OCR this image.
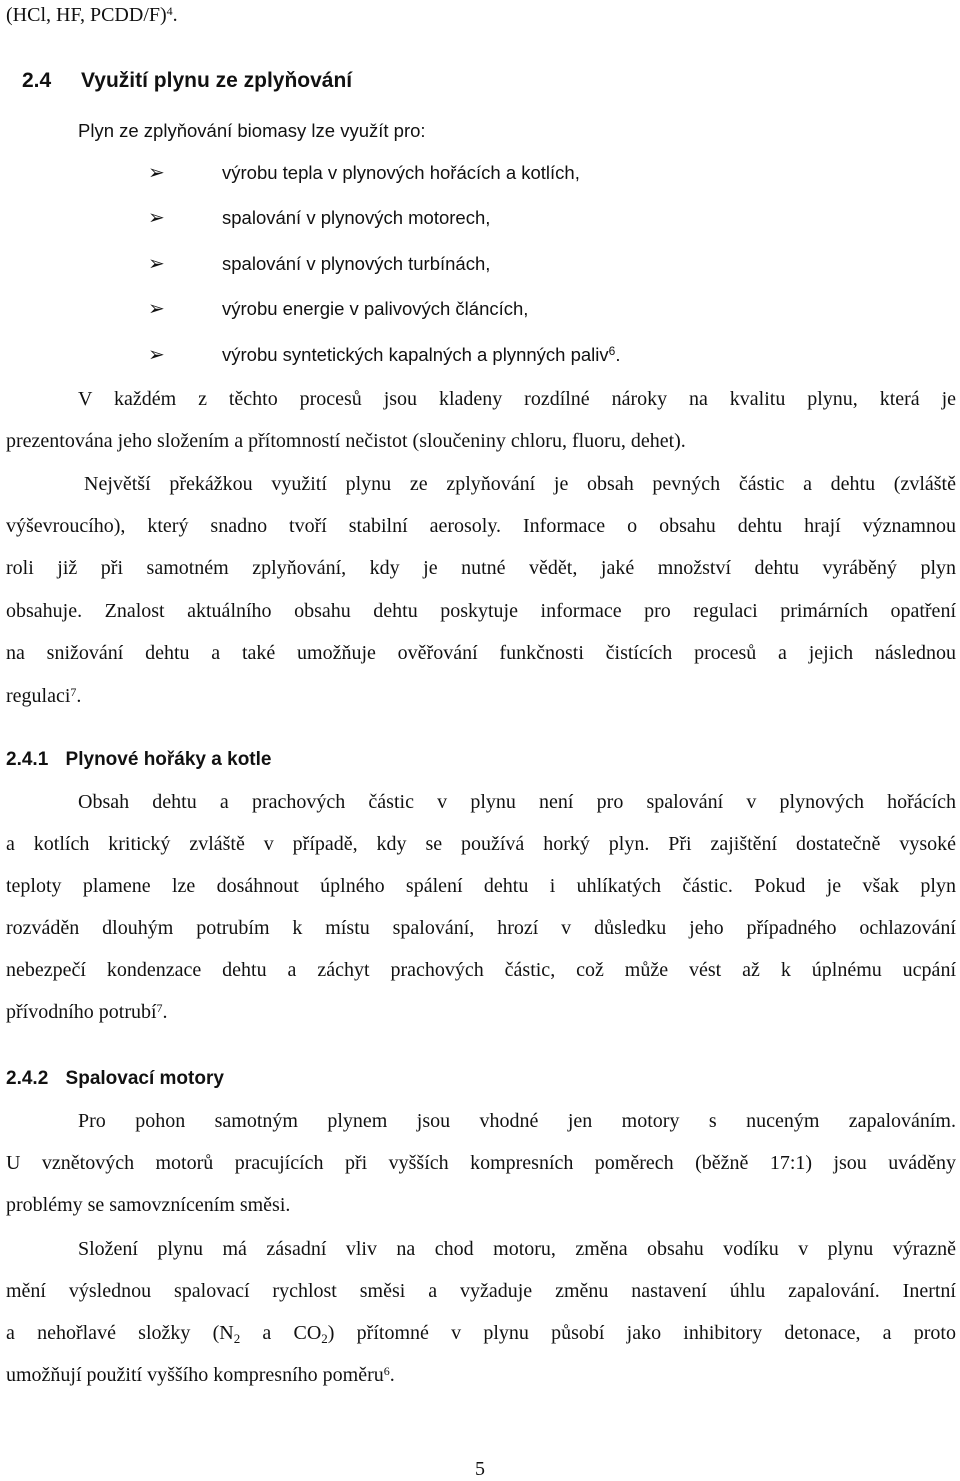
(HCl, HF, PCDD/F)$^4$.
2.4 Využití plynu ze zplyňování
Plyn ze zplyňování biomasy lze využít pro:
➢	výrobu tepla v plynových hořácích a kotlích,
➢	spalování v plynových motorech,
➢	spalování v plynových turbínách,
➢	výrobu energie v palivových článcích,
➢	výrobu syntetických kapalných a plynných paliv$^6$.
V každém z těchto procesů jsou kladeny rozdílné nároky na kvalitu plynu, která je
prezentována jeho složením a přítomností nečistot (sloučeniny chloru, fluoru, dehet).
Největší překážkou využití plynu ze zplyňování je obsah pevných částic a dehtu (zvláště
výševroucího), který snadno tvoří stabilní aerosoly. Informace o obsahu dehtu hrají významnou
roli již při samotném zplyňování, kdy je nutné vědět, jaké množství dehtu vyráběný plyn
obsahuje. Znalost aktuálního obsahu dehtu poskytuje informace pro regulaci primárních opatření
na snižování dehtu a také umožňuje ověřování funkčnosti čistících procesů a jejich následnou
regulaci$^7$.
2.4.1 Plynové hořáky a kotle
Obsah dehtu a prachových částic v plynu není pro spalování v plynových hořácích
a kotlích kritický zvláště v případě, kdy se používá horký plyn. Při zajištění dostatečně vysoké
teploty plamene lze dosáhnout úplného spálení dehtu i uhlíkatých částic. Pokud je však plyn
rozváděn dlouhým potrubím k místu spalování, hrozí v důsledku jeho případného ochlazování
nebezpečí kondenzace dehtu a záchyt prachových částic, což může vést až k úplnému ucpání
přívodního potrubí$^7$.
2.4.2 Spalovací motory
Pro pohon samotným plynem jsou vhodné jen motory s nuceným zapalováním.
U vznětových motorů pracujících při vyšších kompresních poměrech (běžně 17:1) jsou uváděny
problémy se samovznícením směsi.
Složení plynu má zásadní vliv na chod motoru, změna obsahu vodíku v plynu výrazně
mění výslednou spalovací rychlost směsi a vyžaduje změnu nastavení úhlu zapalování. Inertní
a nehořlavé složky ($N_2$ a $CO_2$) přítomné v plynu působí jako inhibitory detonace, a proto
umožňují použití vyššího kompresního poměru$^6$.
5
